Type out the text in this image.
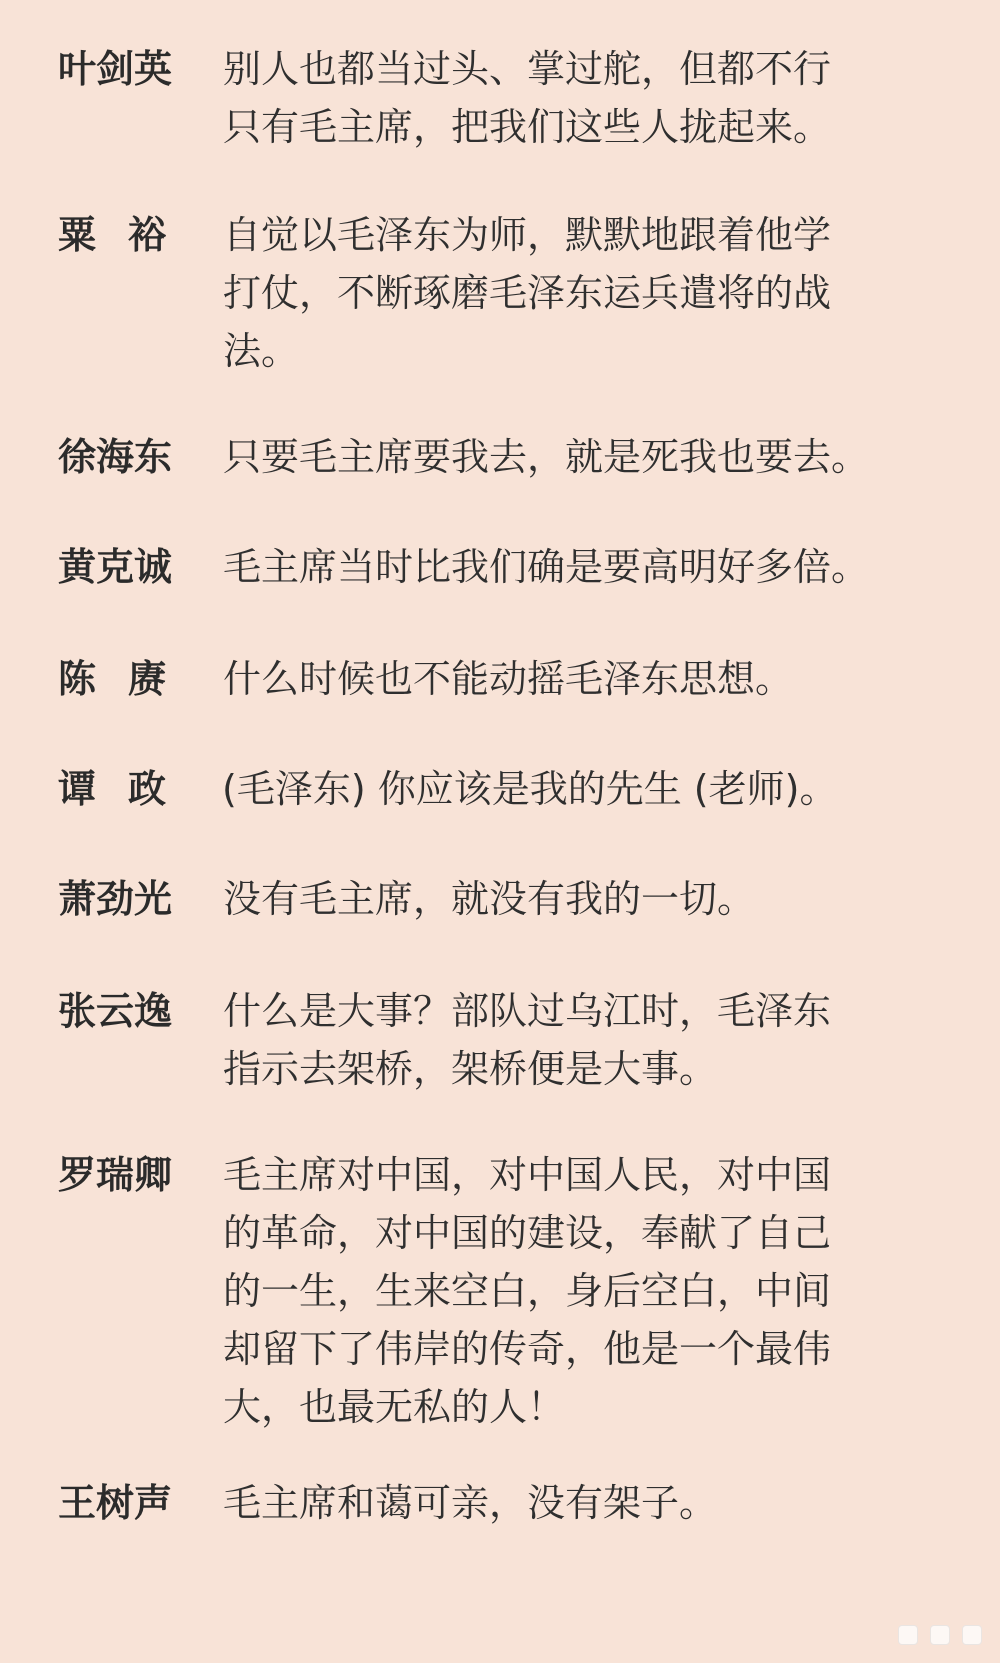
叶剑英	别人也都当过头、掌过舵，但都不行
只有毛主席，把我们这些人拢起来。
粟裕 自觉以毛泽东为师，默默地跟着他学
打仗，不断琢磨毛泽东运兵遣将的战
法。
徐海东	只要毛主席要我去，就是死我也要去。
黄克诚	毛主席当时比我们确是要高明好多倍。
陈赓 什么时候也不能动摇毛泽东思想。
谭政 (毛泽东) 你应该是我的先生 (老师)。
萧劲光	没有毛主席，就没有我的一切。
张云逸	什么是大事？部队过乌江时，毛泽东
指示去架桥，架桥便是大事。
罗瑞卿	毛主席对中国，对中国人民，对中国
的革命，对中国的建设，奉献了自己
的一生，生来空白，身后空白，中间
却留下了伟岸的传奇，他是一个最伟
大，也最无私的人！
王树声	毛主席和蔼可亲，没有架子。
